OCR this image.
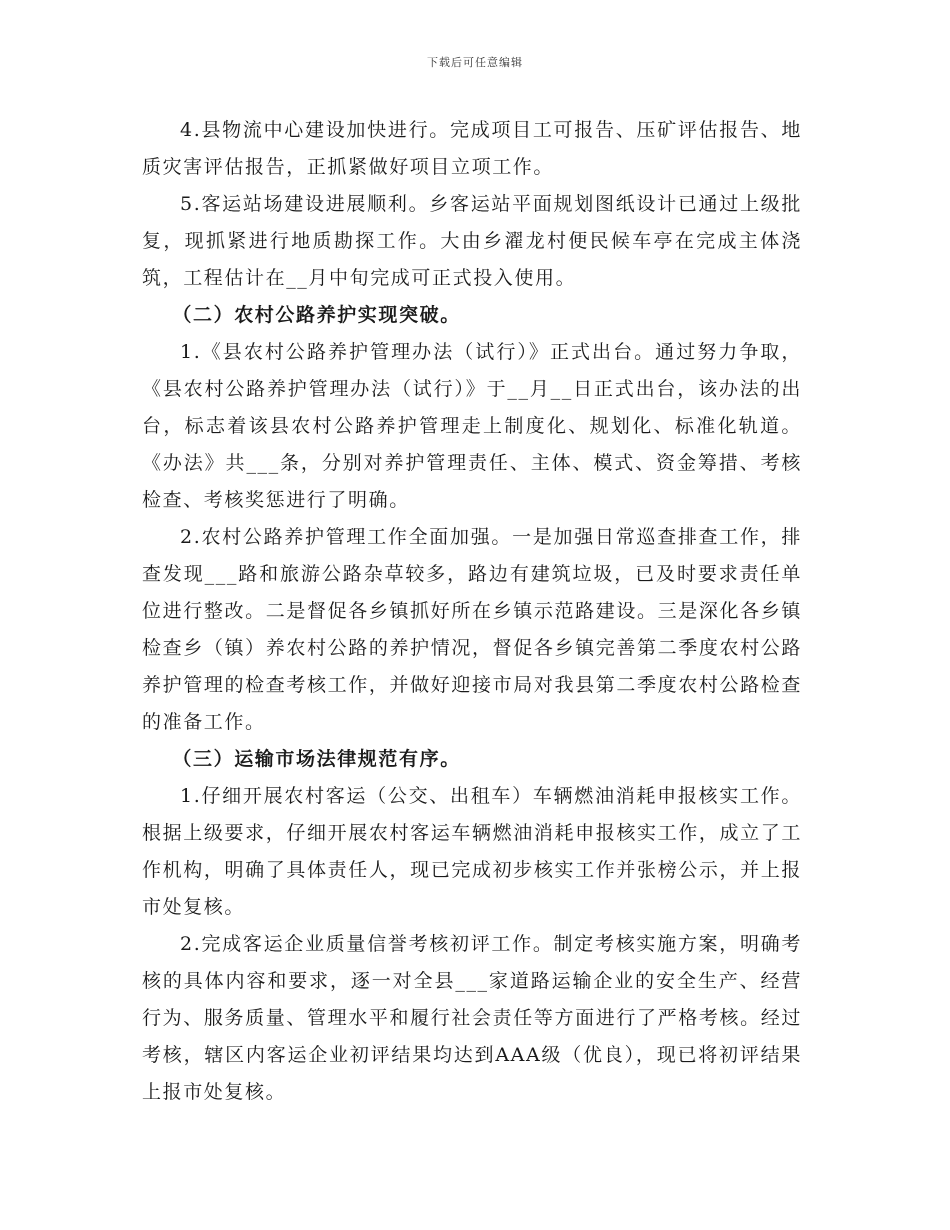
下载后可任意编辑

4.县物流中心建设加快进行。完成项目工可报告、压矿评估报告、地质灾害评估报告，正抓紧做好项目立项工作。

5.客运站场建设进展顺利。乡客运站平面规划图纸设计已通过上级批复，现抓紧进行地质勘探工作。大由乡濯龙村便民候车亭在完成主体浇筑，工程估计在__月中旬完成可正式投入使用。

（二）农村公路养护实现突破。

1.《县农村公路养护管理办法（试行）》正式出台。通过努力争取，《县农村公路养护管理办法（试行）》于__月__日正式出台，该办法的出台，标志着该县农村公路养护管理走上制度化、规划化、标准化轨道。《办法》共___条，分别对养护管理责任、主体、模式、资金筹措、考核检查、考核奖惩进行了明确。

2.农村公路养护管理工作全面加强。一是加强日常巡查排查工作，排查发现___路和旅游公路杂草较多，路边有建筑垃圾，已及时要求责任单位进行整改。二是督促各乡镇抓好所在乡镇示范路建设。三是深化各乡镇检查乡（镇）养农村公路的养护情况，督促各乡镇完善第二季度农村公路养护管理的检查考核工作，并做好迎接市局对我县第二季度农村公路检查的准备工作。

（三）运输市场法律规范有序。

1.仔细开展农村客运（公交、出租车）车辆燃油消耗申报核实工作。根据上级要求，仔细开展农村客运车辆燃油消耗申报核实工作，成立了工作机构，明确了具体责任人，现已完成初步核实工作并张榜公示，并上报市处复核。

2.完成客运企业质量信誉考核初评工作。制定考核实施方案，明确考核的具体内容和要求，逐一对全县___家道路运输企业的安全生产、经营行为、服务质量、管理水平和履行社会责任等方面进行了严格考核。经过考核，辖区内客运企业初评结果均达到AAA级（优良），现已将初评结果上报市处复核。
